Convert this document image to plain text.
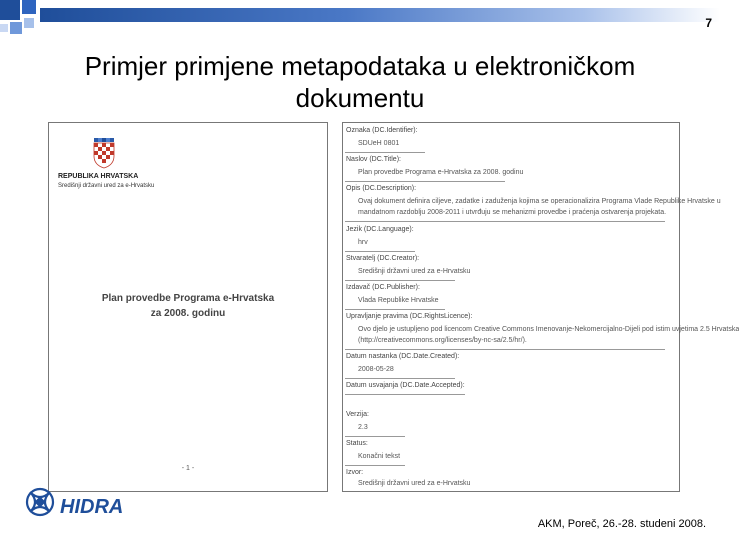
7
Primjer primjene metapodataka u elektroničkom
dokumentu
REPUBLIKA HRVATSKA
Središnji državni ured za e-Hrvatsku
Plan provedbe Programa e-Hrvatska
za 2008. godinu
- 1 -
Oznaka (DC.Identifier):
SDUeH 0801
Naslov (DC.Title):
Plan provedbe Programa e-Hrvatska za 2008. godinu
Opis (DC.Description):
Ovaj dokument definira ciljeve, zadatke i zaduženja kojima se operacionalizira Programa Vlade Republike Hrvatske u
mandatnom razdoblju 2008-2011 i utvrđuju se mehanizmi provedbe i praćenja ostvarenja projekata.
Jezik (DC.Language):
hrv
Stvaratelj (DC.Creator):
Središnji državni ured za e-Hrvatsku
Izdavač (DC.Publisher):
Vlada Republike Hrvatske
Upravljanje pravima (DC.RightsLicence):
Ovo djelo je ustupljeno pod licencom Creative Commons Imenovanje-Nekomercijalno-Dijeli pod istim uvjetima 2.5 Hrvatska
(http://creativecommons.org/licenses/by-nc-sa/2.5/hr/).
Datum nastanka (DC.Date.Created):
2008-05-28
Datum usvajanja (DC.Date.Accepted):
Verzija:
2.3
Status:
Konačni tekst
Izvor:
Središnji državni ured za e-Hrvatsku
HIDRA
AKM, Poreč, 26.-28. studeni 2008.
